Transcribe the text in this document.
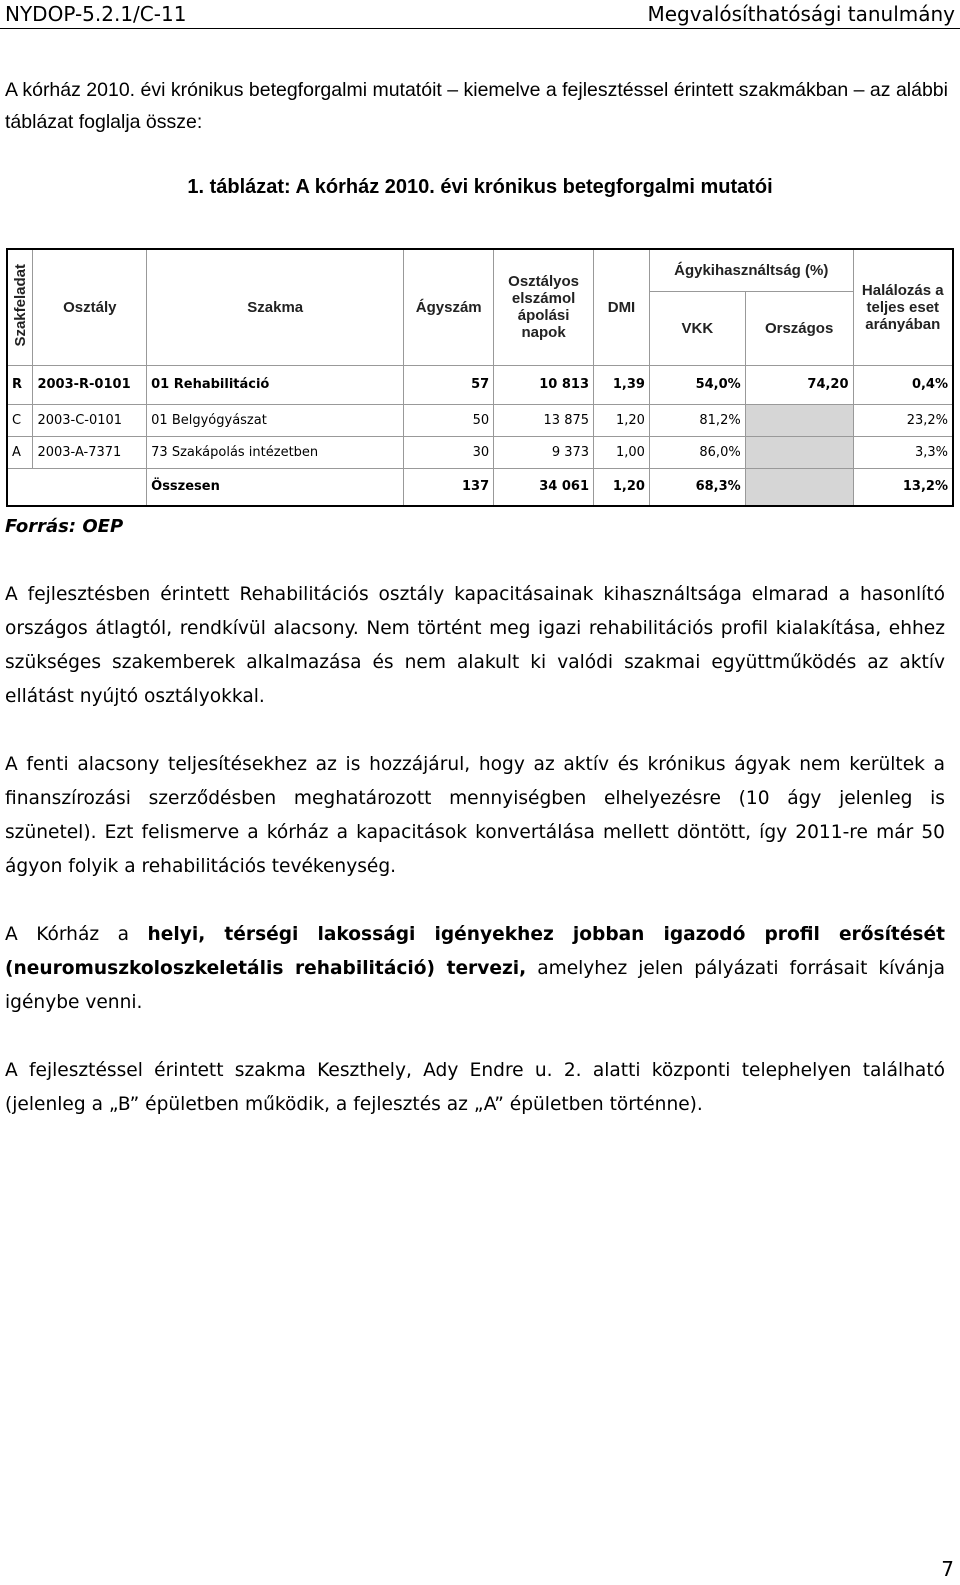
NYDOP-5.2.1/C-11	Megvalósíthatósági tanulmány
A kórház 2010. évi krónikus betegforgalmi mutatóit – kiemelve a fejlesztéssel érintett szakmákban – az alábbi táblázat foglalja össze:
1. táblázat: A kórház 2010. évi krónikus betegforgalmi mutatói
Szakfeladat	Osztály	Szakma	Ágyszám	Osztályos elszámol ápolási napok	DMI	Ágykihasználtság (%)		Halálozás a teljes eset arányában
						VKK	Országos	
R	2003-R-0101	01 Rehabilitáció	57	10 813	1,39	54,0%	74,20	0,4%
C	2003-C-0101	01 Belgyógyászat	50	13 875	1,20	81,2%		23,2%
A	2003-A-7371	73 Szakápolás intézetben	30	9 373	1,00	86,0%		3,3%
		Összesen	137	34 061	1,20	68,3%		13,2%
Forrás: OEP
A fejlesztésben érintett Rehabilitációs osztály kapacitásainak kihasználtsága elmarad a hasonlító országos átlagtól, rendkívül alacsony. Nem történt meg igazi rehabilitációs profil kialakítása, ehhez szükséges szakemberek alkalmazása és nem alakult ki valódi szakmai együttműködés az aktív ellátást nyújtó osztályokkal.
A fenti alacsony teljesítésekhez az is hozzájárul, hogy az aktív és krónikus ágyak nem kerültek a finanszírozási szerződésben meghatározott mennyiségben elhelyezésre (10 ágy jelenleg is szünetel). Ezt felismerve a kórház a kapacitások konvertálása mellett döntött, így 2011-re már 50 ágyon folyik a rehabilitációs tevékenység.
A Kórház a helyi, térségi lakossági igényekhez jobban igazodó profil erősítését (neuromuszkoloszkeletális rehabilitáció) tervezi, amelyhez jelen pályázati forrásait kívánja igénybe venni.
A fejlesztéssel érintett szakma Keszthely, Ady Endre u. 2. alatti központi telephelyen található (jelenleg a „B” épületben működik, a fejlesztés az „A” épületben történne).
7
